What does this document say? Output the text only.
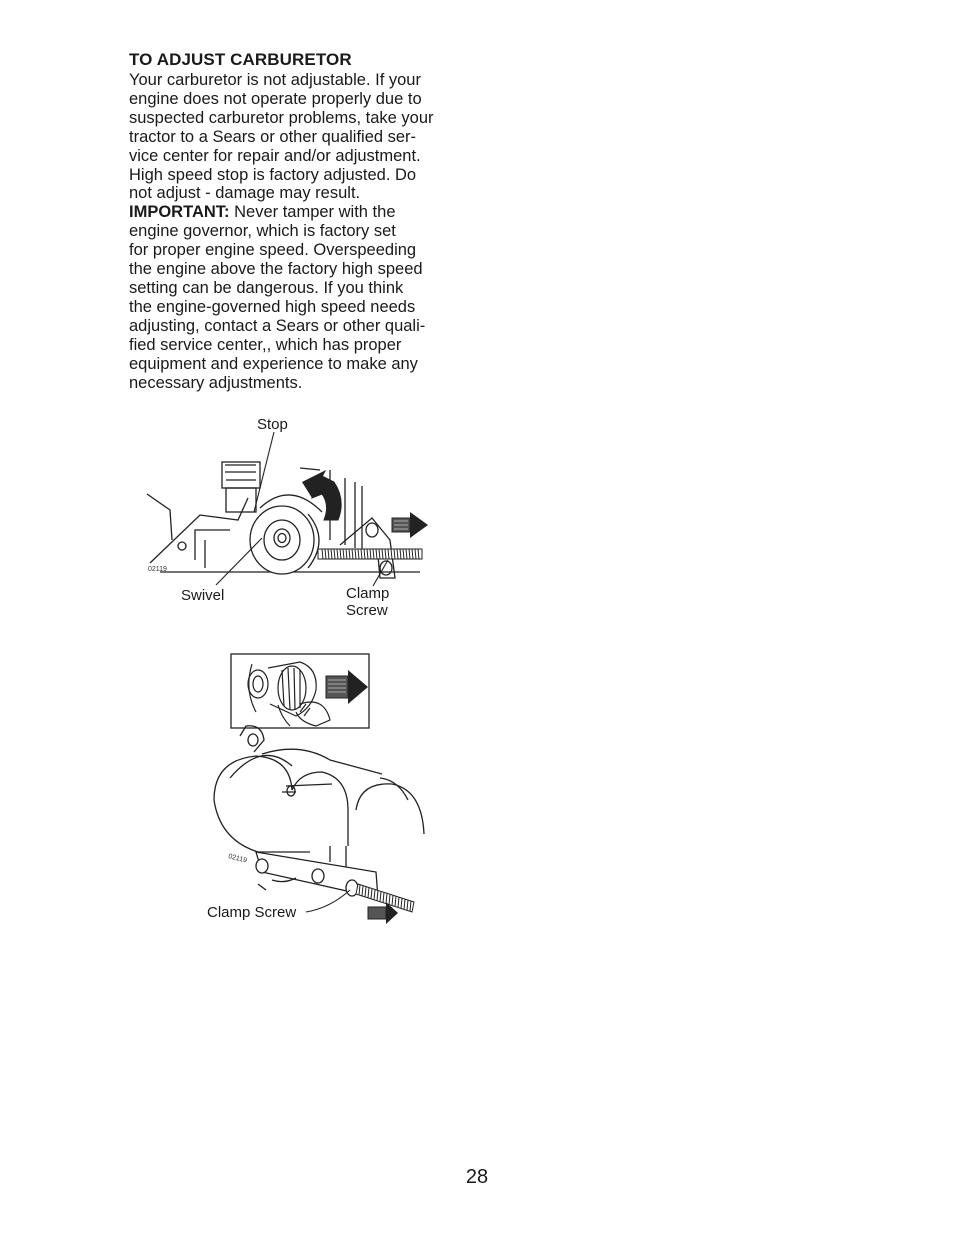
TO ADJUST CARBURETOR
Your carburetor is not adjustable. If your
engine does not operate properly due to
suspected carburetor problems, take your
tractor to a Sears or other qualified ser-
vice center for repair and/or adjustment.
High speed stop is factory adjusted. Do
not adjust - damage may result.
IMPORTANT: Never tamper with the
engine governor, which is factory set
for proper engine speed. Overspeeding
the engine above the factory high speed
setting can be dangerous. If you think
the engine-governed high speed needs
adjusting, contact a Sears or other quali-
fied service center,, which has proper
equipment and experience to make any
necessary adjustments.
02119
Stop
Swivel	Clamp
Screw
02119
Clamp Screw
28
